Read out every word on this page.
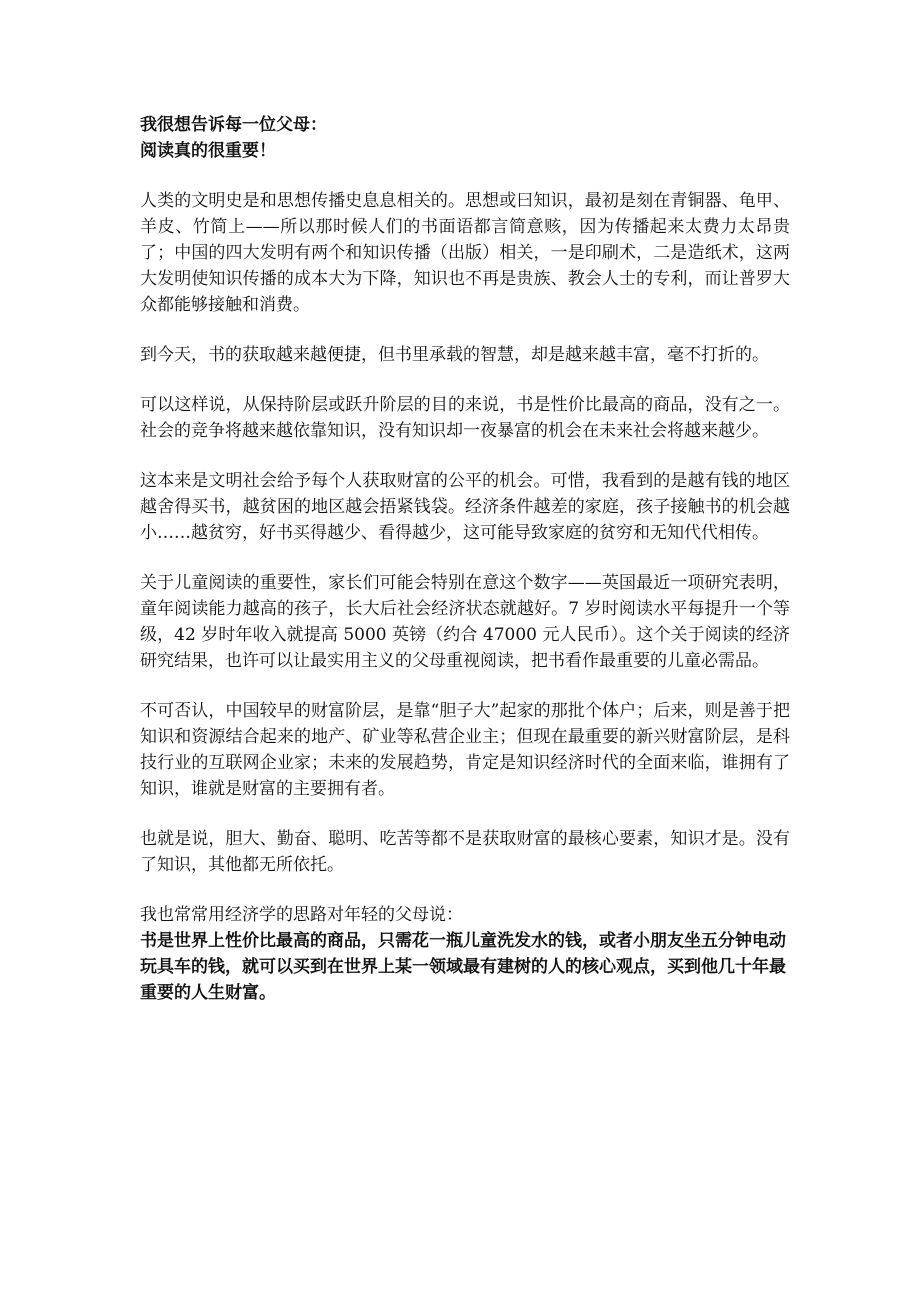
我很想告诉每一位父母：

阅读真的很重要！

人类的文明史是和思想传播史息息相关的。思想或曰知识，最初是刻在青铜器、龟甲、羊皮、竹简上——所以那时候人们的书面语都言简意赅，因为传播起来太费力太昂贵了；中国的四大发明有两个和知识传播（出版）相关，一是印刷术，二是造纸术，这两大发明使知识传播的成本大为下降，知识也不再是贵族、教会人士的专利，而让普罗大众都能够接触和消费。

到今天，书的获取越来越便捷，但书里承载的智慧，却是越来越丰富，毫不打折的。

可以这样说，从保持阶层或跃升阶层的目的来说，书是性价比最高的商品，没有之一。社会的竞争将越来越依靠知识，没有知识却一夜暴富的机会在未来社会将越来越少。

这本来是文明社会给予每个人获取财富的公平的机会。可惜，我看到的是越有钱的地区越舍得买书，越贫困的地区越会捂紧钱袋。经济条件越差的家庭，孩子接触书的机会越小……越贫穷，好书买得越少、看得越少，这可能导致家庭的贫穷和无知代代相传。

关于儿童阅读的重要性，家长们可能会特别在意这个数字——英国最近一项研究表明，童年阅读能力越高的孩子，长大后社会经济状态就越好。7 岁时阅读水平每提升一个等级，42 岁时年收入就提高 5000 英镑（约合 47000 元人民币）。这个关于阅读的经济研究结果，也许可以让最实用主义的父母重视阅读，把书看作最重要的儿童必需品。

不可否认，中国较早的财富阶层，是靠“胆子大”起家的那批个体户；后来，则是善于把知识和资源结合起来的地产、矿业等私营企业主；但现在最重要的新兴财富阶层，是科技行业的互联网企业家；未来的发展趋势，肯定是知识经济时代的全面来临，谁拥有了知识，谁就是财富的主要拥有者。

也就是说，胆大、勤奋、聪明、吃苦等都不是获取财富的最核心要素，知识才是。没有了知识，其他都无所依托。

我也常常用经济学的思路对年轻的父母说：

书是世界上性价比最高的商品，只需花一瓶儿童洗发水的钱，或者小朋友坐五分钟电动玩具车的钱，就可以买到在世界上某一领域最有建树的人的核心观点，买到他几十年最重要的人生财富。
